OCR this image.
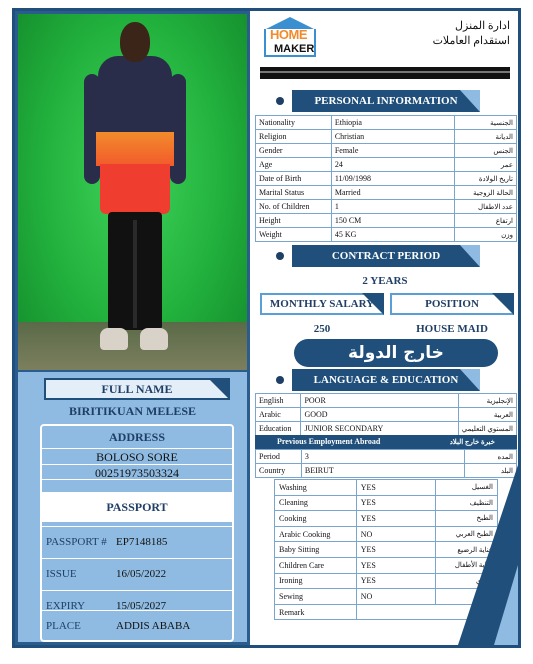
FULL NAME
BIRITIKUAN MELESE
ADDRESS
BOLOSO SORE
00251973503324
PASSPORT
PASSPORT # EP7148185
ISSUE	16/05/2022
EXPIRY	15/05/2027
PLACE	ADDIS ABABA
HOME
MAKER
ادارة المنزل
استقدام العاملات
PERSONAL INFORMATION
Nationality	Ethiopia	الجنسية
Religion	Christian	الديانة
Gender	Female	الجنس
Age	24	عمر
Date of Birth	11/09/1998	تاريخ الولادة
Marital Status	Married	الحالة الزوجية
No. of Children	1	عدد الاطفال
Height	150 CM	ارتفاع
Weight	45 KG	وزن
CONTRACT PERIOD
2 YEARS
MONTHLY SALARY	POSITION
250	HOUSE MAID
خارج الدولة
LANGUAGE & EDUCATION
English	POOR	الإنجليزية
Arabic	GOOD	العربية
Education	JUNIOR SECONDARY	المستوي التعليمي
Previous Employment Abroad	خبرة خارج البلاد
Period	3	المده
Country	BEIRUT	البلد
Washing	YES	الغسيل
Cleaning	YES	التنظيف
Cooking	YES	الطبخ
Arabic Cooking	NO	الطبخ العربي
Baby Sitting	YES	عناية الرضيع
Children Care	YES	عناية الأطفال
Ironing	YES	الكوي
Sewing	NO	خياطة
Remark		
